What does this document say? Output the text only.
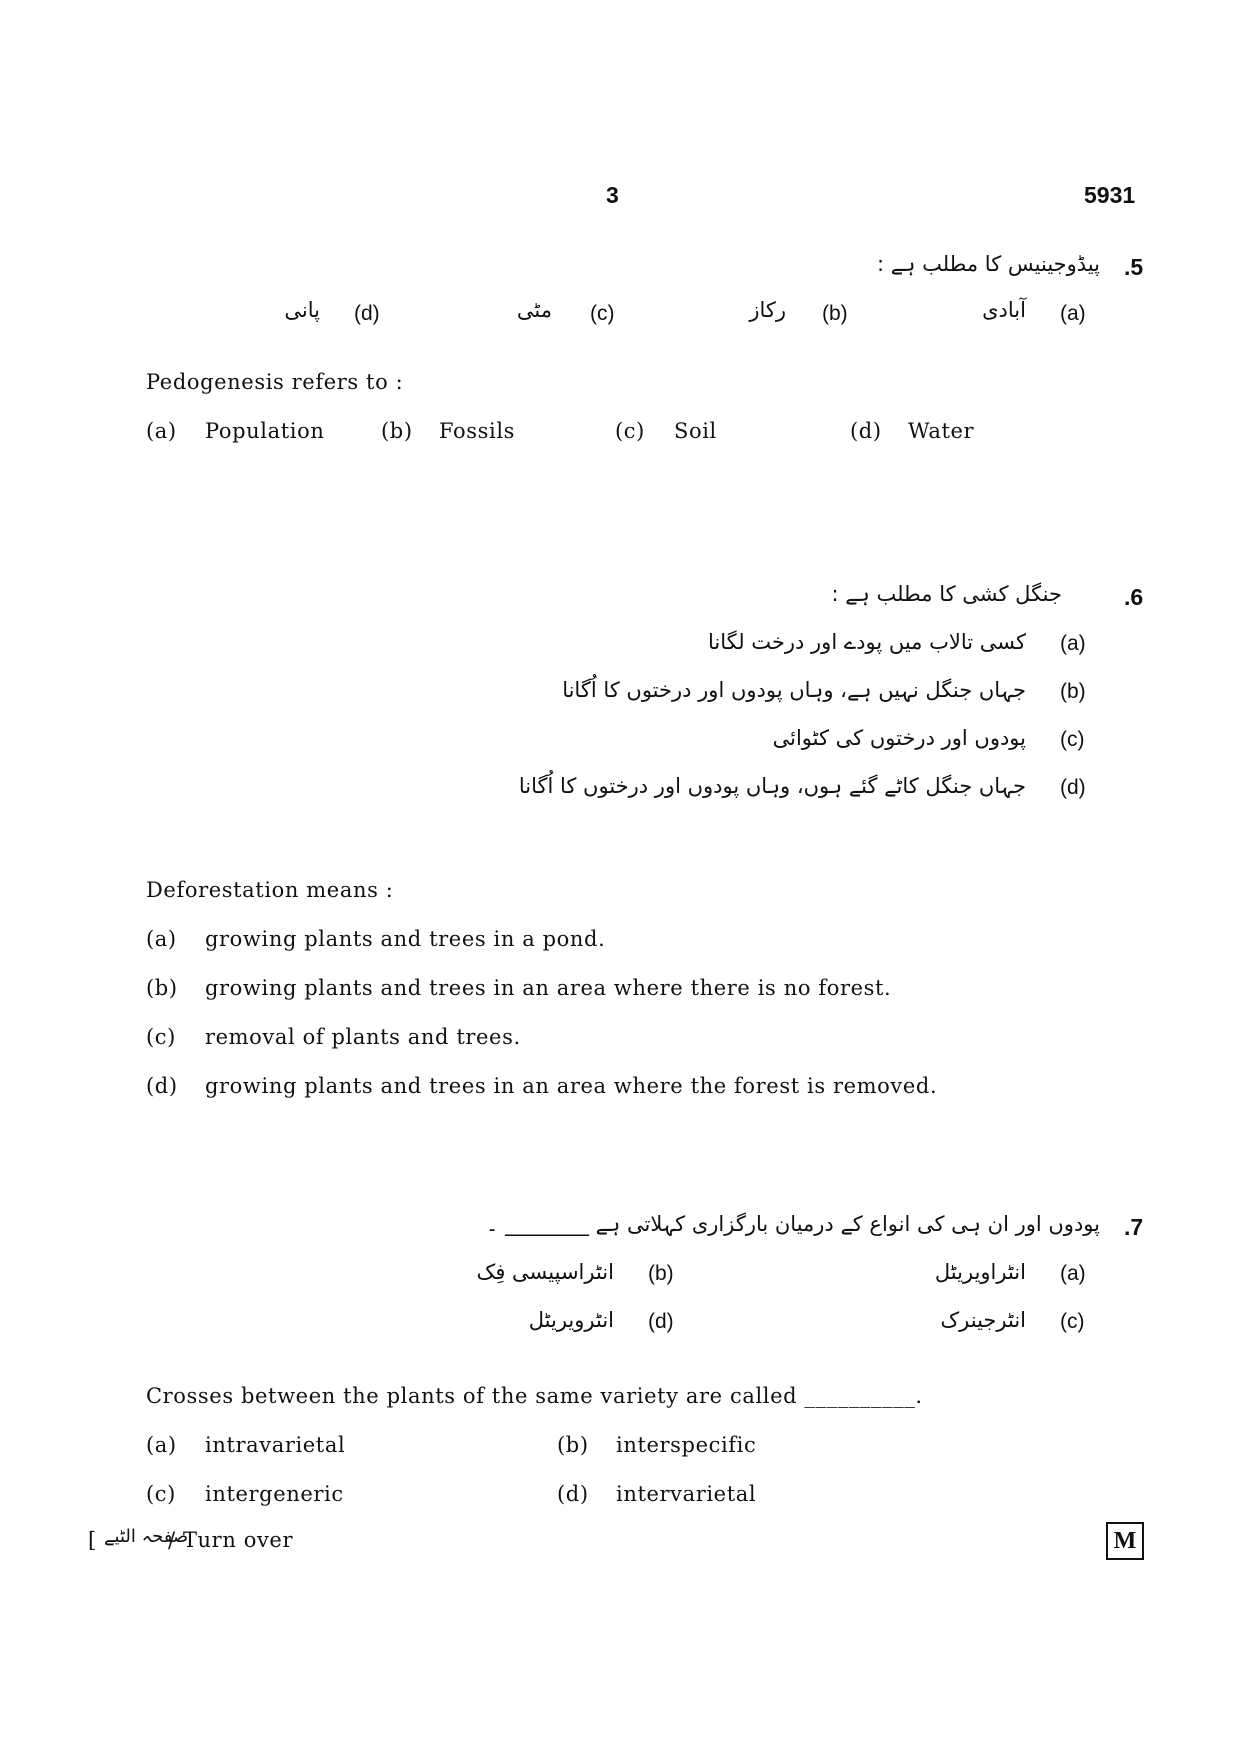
3	5931
.5
پیڈوجینیس کا مطلب ہے :
(a)
آبادی
(b)
رکاز
(c)
مٹی
(d)
پانی
Pedogenesis refers to :
(a) Population	(b) Fossils	(c) Soil	(d) Water
.6
جنگل کشی کا مطلب ہے :
(a)
کسی تالاب میں پودے اور درخت لگانا
(b)
جہاں جنگل نہیں ہے، وہاں پودوں اور درختوں کا اُگانا
(c)
پودوں اور درختوں کی کٹوائی
(d)
جہاں جنگل کاٹے گئے ہوں، وہاں پودوں اور درختوں کا اُگانا
Deforestation means :
(a) growing plants and trees in a pond.
(b) growing plants and trees in an area where there is no forest.
(c) removal of plants and trees.
(d) growing plants and trees in an area where the forest is removed.
.7
پودوں اور ان ہی کی انواع کے درمیان بارگزاری کہلاتی ہے ________ ۔
(a)
انٹراویریٹل
(b)
انٹراسپیسی فِک
(c)
انٹرجینرک
(d)
انٹرویریٹل
Crosses between the plants of the same variety are called __________.
(a) intravarietal	(b) interspecific
(c) intergeneric	(d) intervarietal
[ صفحہ الٹیے
/ Turn over	M
